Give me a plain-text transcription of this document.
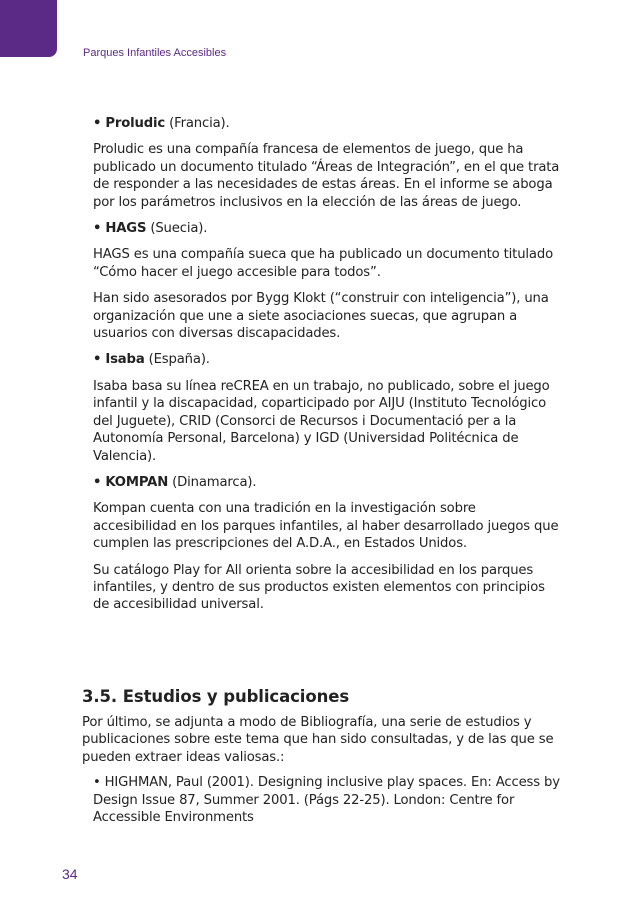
Parques Infantiles Accesibles

• Proludic (Francia).

Proludic es una compañía francesa de elementos de juego, que ha publicado un documento titulado “Áreas de Integración”, en el que trata de responder a las necesidades de estas áreas. En el informe se aboga por los parámetros inclusivos en la elección de las áreas de juego.

• HAGS (Suecia).

HAGS es una compañía sueca que ha publicado un documento titulado “Cómo hacer el juego accesible para todos”.

Han sido asesorados por Bygg Klokt (“construir con inteligencia”), una organización que une a siete asociaciones suecas, que agrupan a usuarios con diversas discapacidades.

• Isaba (España).

Isaba basa su línea reCREA en un trabajo, no publicado, sobre el juego infantil y la discapacidad, coparticipado por AIJU (Instituto Tecnológico del Juguete), CRID (Consorci de Recursos i Documentació per a la Autonomía Personal, Barcelona) y IGD (Universidad Politécnica de Valencia).

• KOMPAN (Dinamarca).

Kompan cuenta con una tradición en la investigación sobre accesibilidad en los parques infantiles, al haber desarrollado juegos que cumplen las prescripciones del A.D.A., en Estados Unidos.

Su catálogo Play for All orienta sobre la accesibilidad en los parques infantiles, y dentro de sus productos existen elementos con principios de accesibilidad universal.

3.5. Estudios y publicaciones

Por último, se adjunta a modo de Bibliografía, una serie de estudios y publicaciones sobre este tema que han sido consultadas, y de las que se pueden extraer ideas valiosas.:

• HIGHMAN, Paul (2001). Designing inclusive play spaces. En: Access by Design Issue 87, Summer 2001. (Págs 22-25). London: Centre for Accessible Environments

34
